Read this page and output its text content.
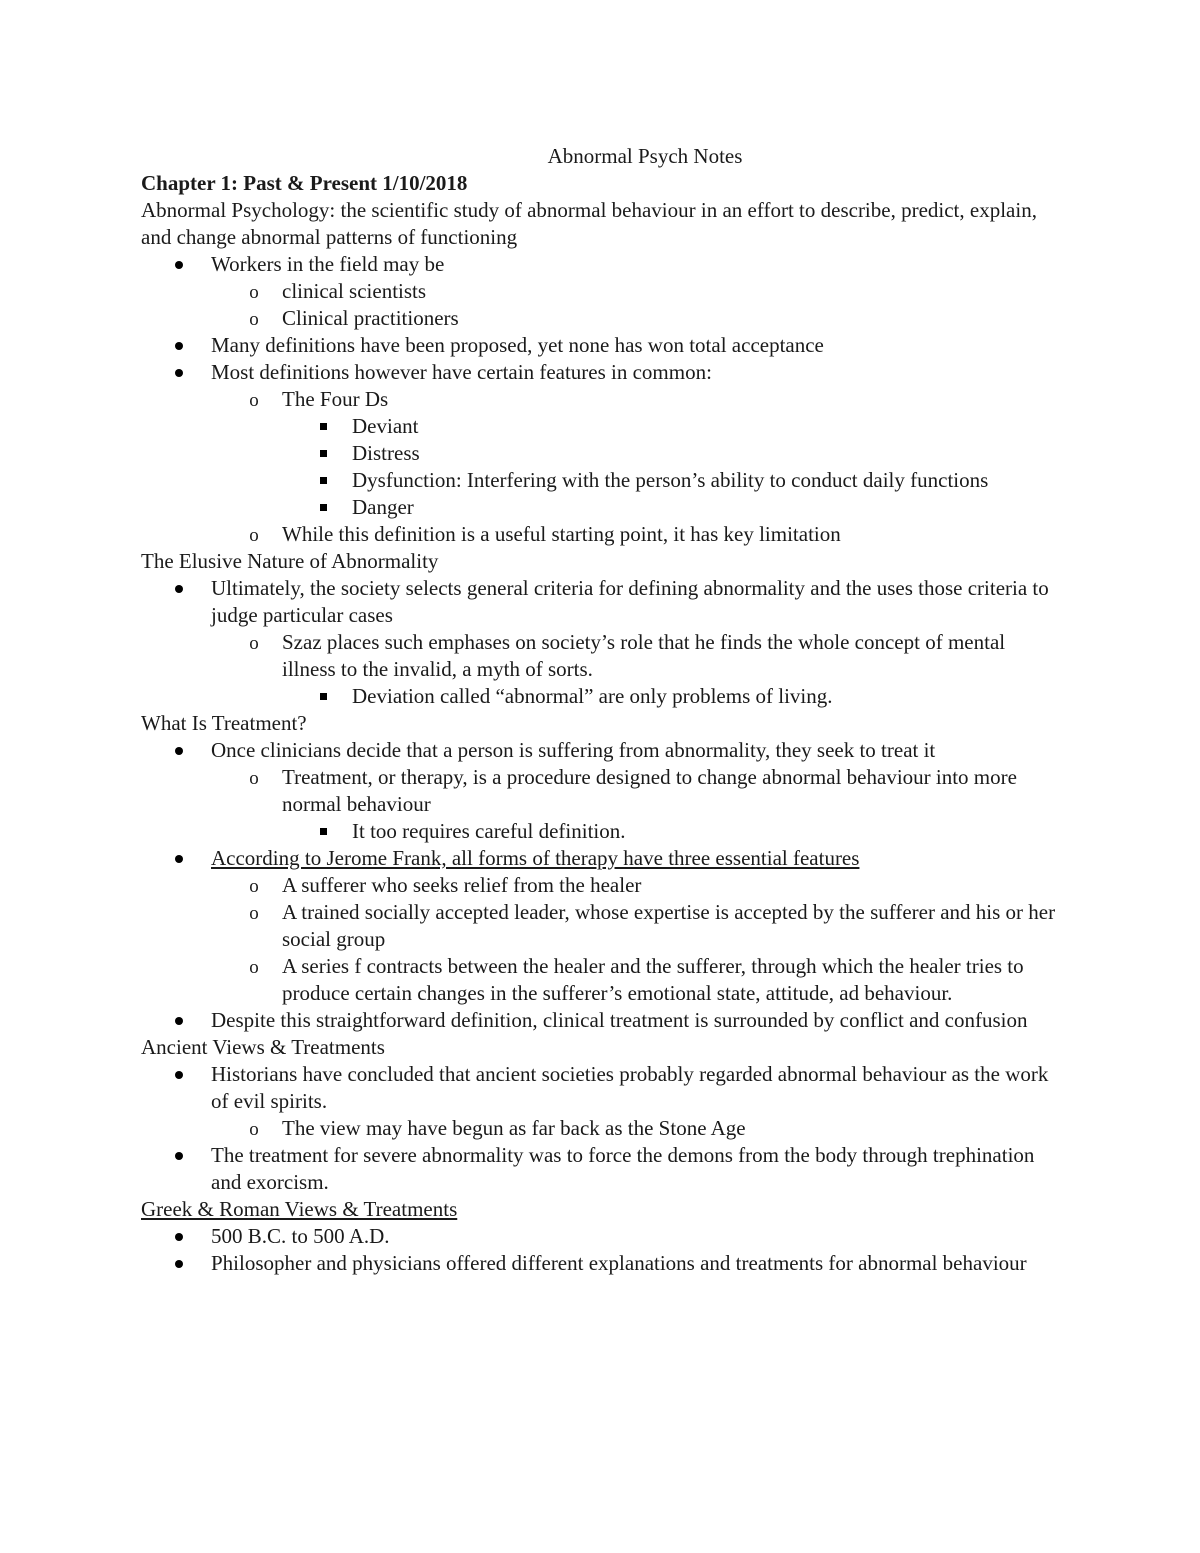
Abnormal Psych Notes
Chapter 1: Past & Present 1/10/2018
Abnormal Psychology: the scientific study of abnormal behaviour in an effort to describe, predict, explain, and change abnormal patterns of functioning
Workers in the field may be
o clinical scientists
o Clinical practitioners
Many definitions have been proposed, yet none has won total acceptance
Most definitions however have certain features in common:
o The Four Ds
Deviant
Distress
Dysfunction: Interfering with the person’s ability to conduct daily functions
Danger
o While this definition is a useful starting point, it has key limitation
The Elusive Nature of Abnormality
Ultimately, the society selects general criteria for defining abnormality and the uses those criteria to judge particular cases
o Szaz places such emphases on society’s role that he finds the whole concept of mental illness to the invalid, a myth of sorts.
Deviation called “abnormal” are only problems of living.
What Is Treatment?
Once clinicians decide that a person is suffering from abnormality, they seek to treat it
o Treatment, or therapy, is a procedure designed to change abnormal behaviour into more normal behaviour
It too requires careful definition.
According to Jerome Frank, all forms of therapy have three essential features
o A sufferer who seeks relief from the healer
o A trained socially accepted leader, whose expertise is accepted by the sufferer and his or her social group
o A series f contracts between the healer and the sufferer, through which the healer tries to produce certain changes in the sufferer’s emotional state, attitude, ad behaviour.
Despite this straightforward definition, clinical treatment is surrounded by conflict and confusion
Ancient Views & Treatments
Historians have concluded that ancient societies probably regarded abnormal behaviour as the work of evil spirits.
o The view may have begun as far back as the Stone Age
The treatment for severe abnormality was to force the demons from the body through trephination and exorcism.
Greek & Roman Views & Treatments
500 B.C. to 500 A.D.
Philosopher and physicians offered different explanations and treatments for abnormal behaviour
